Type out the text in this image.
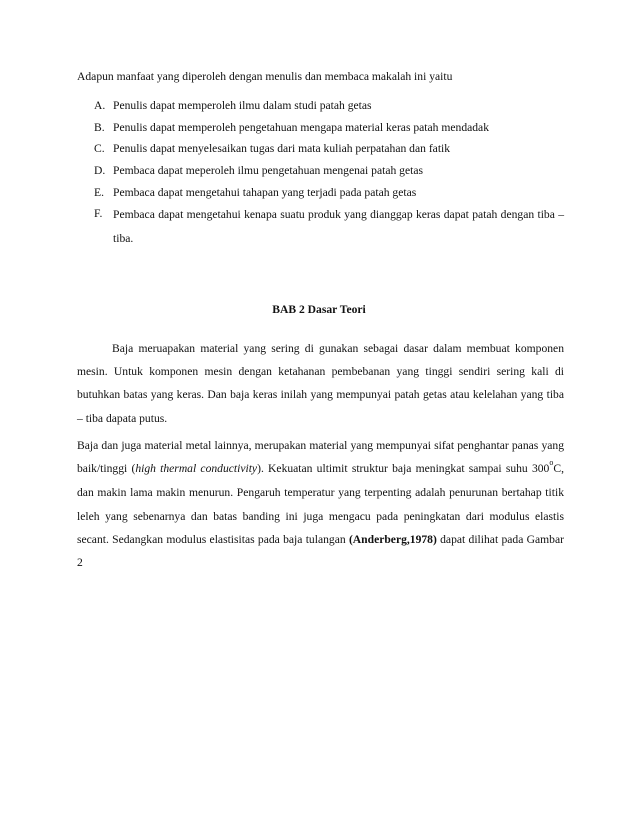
Adapun manfaat yang diperoleh dengan menulis dan membaca makalah ini yaitu
A. Penulis dapat memperoleh ilmu dalam studi patah getas
B. Penulis dapat memperoleh pengetahuan mengapa material keras patah mendadak
C. Penulis dapat menyelesaikan tugas dari mata kuliah perpatahan dan fatik
D. Pembaca dapat meperoleh ilmu pengetahuan mengenai patah getas
E. Pembaca dapat mengetahui tahapan yang terjadi pada patah getas
F. Pembaca dapat mengetahui kenapa suatu produk yang dianggap keras dapat patah dengan tiba – tiba.
BAB 2 Dasar Teori

Baja meruapakan material yang sering di gunakan sebagai dasar dalam membuat komponen mesin. Untuk komponen mesin dengan ketahanan pembebanan yang tinggi sendiri sering kali di butuhkan batas yang keras. Dan baja keras inilah yang mempunyai patah getas atau kelelahan yang tiba – tiba dapata putus.

Baja dan juga material metal lainnya, merupakan material yang mempunyai sifat penghantar panas yang baik/tinggi (high thermal conductivity). Kekuatan ultimit struktur baja meningkat sampai suhu 300$^o$C, dan makin lama makin menurun. Pengaruh temperatur yang terpenting adalah penurunan bertahap titik leleh yang sebenarnya dan batas banding ini juga mengacu pada peningkatan dari modulus elastis secant. Sedangkan modulus elastisitas pada baja tulangan (Anderberg,1978) dapat dilihat pada Gambar 2
